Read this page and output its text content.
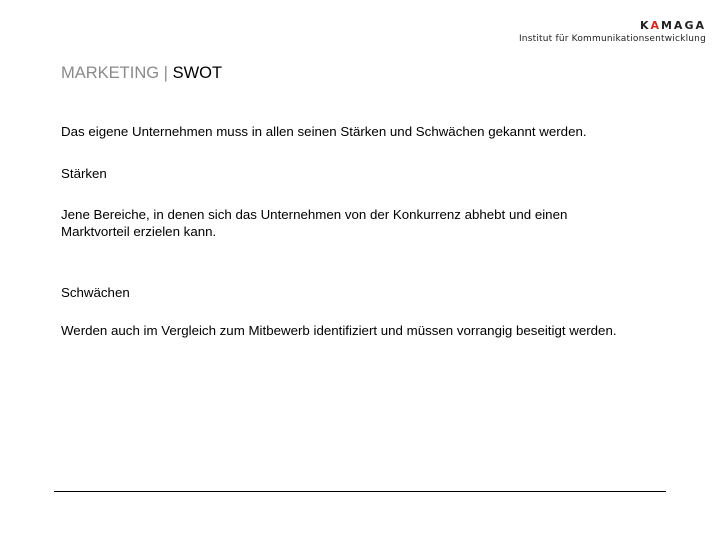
KAMAGA
Institut für Kommunikationsentwicklung
MARKETING | SWOT
Das eigene Unternehmen muss in allen seinen Stärken und Schwächen gekannt werden.
Stärken
Jene Bereiche, in denen sich das Unternehmen von der Konkurrenz abhebt und einen Marktvorteil erzielen kann.
Schwächen
Werden auch im Vergleich zum Mitbewerb identifiziert und müssen vorrangig beseitigt werden.
